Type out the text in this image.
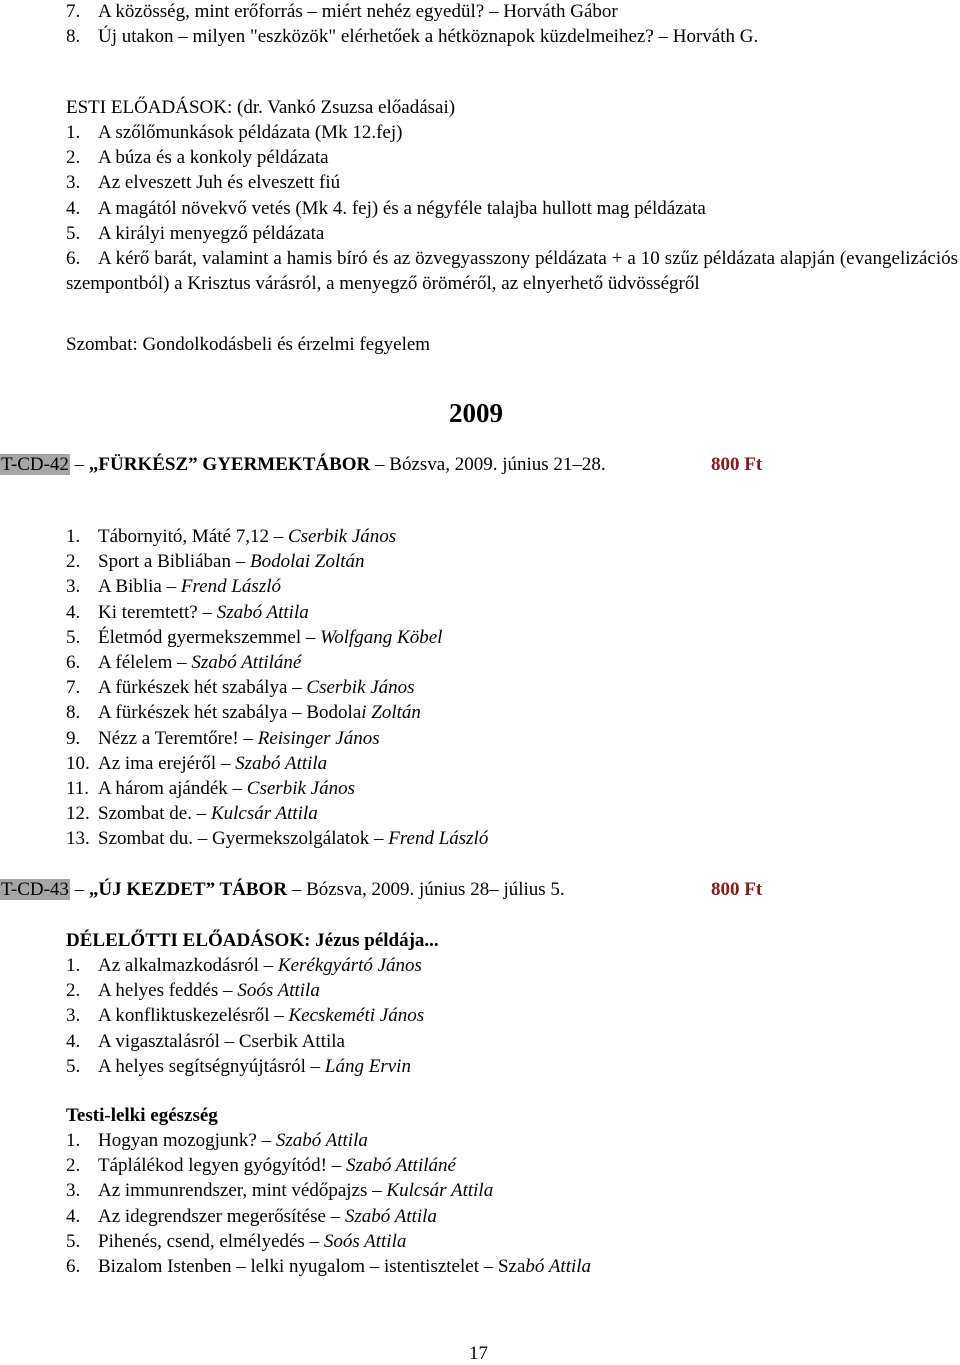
7. A közösség, mint erőforrás – miért nehéz egyedül? – Horváth Gábor
8. Új utakon – milyen "eszközök" elérhetőek a hétköznapok küzdelmeihez? – Horváth G.
ESTI ELŐADÁSOK: (dr. Vankó Zsuzsa előadásai)
1. A szőlőmunkások példázata (Mk 12.fej)
2. A búza és a konkoly példázata
3. Az elveszett Juh és elveszett fiú
4. A magától növekvő vetés (Mk 4. fej) és a négyféle talajba hullott mag példázata
5. A királyi menyegző példázata
6. A kérő barát, valamint a hamis bíró és az özvegyasszony példázata + a 10 szűz példázata alapján (evangelizációs szempontból) a Krisztus várásról, a menyegző öröméről, az elnyerhető üdvösségről
Szombat: Gondolkodásbeli és érzelmi fegyelem
2009
T-CD-42 – „FÜRKÉSZ” GYERMEKTÁBOR – Bózsva, 2009. június 21–28.	800 Ft
1. Tábornyitó, Máté 7,12 – Cserbik János
2. Sport a Bibliában – Bodolai Zoltán
3. A Biblia – Frend László
4. Ki teremtett? – Szabó Attila
5. Életmód gyermekszemmel – Wolfgang Köbel
6. A félelem – Szabó Attiláné
7. A fürkészek hét szabálya – Cserbik János
8. A fürkészek hét szabálya – Bodolai Zoltán
9. Nézz a Teremtőre! – Reisinger János
10. Az ima erejéről – Szabó Attila
11. A három ajándék – Cserbik János
12. Szombat de. – Kulcsár Attila
13. Szombat du. – Gyermekszolgálatok – Frend László
T-CD-43 – „ÚJ KEZDET” TÁBOR – Bózsva, 2009. június 28– július 5.	800 Ft
DÉLELŐTTI ELŐADÁSOK: Jézus példája...
1. Az alkalmazkodásról – Kerékgyártó János
2. A helyes feddés – Soós Attila
3. A konfliktuskezelésről – Kecskeméti János
4. A vigasztalásról – Cserbik Attila
5. A helyes segítségnyújtásról – Láng Ervin
Testi-lelki egészség
1. Hogyan mozogjunk? – Szabó Attila
2. Táplálékod legyen gyógyítód! – Szabó Attiláné
3. Az immunrendszer, mint védőpajzs – Kulcsár Attila
4. Az idegrendszer megerősítése – Szabó Attila
5. Pihenés, csend, elmélyedés – Soós Attila
6. Bizalom Istenben – lelki nyugalom – istentisztelet – Szabó Attila
17
